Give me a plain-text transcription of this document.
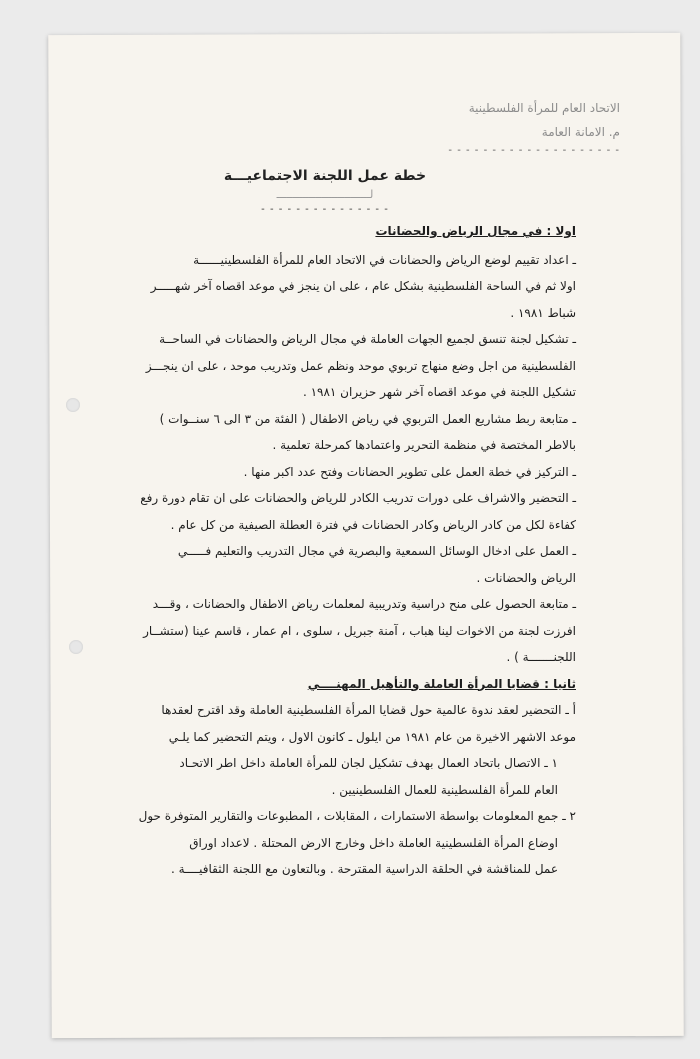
الاتحاد العام للمرأة الفلسطينية
م. الامانة العامة
- - - - - - - - - - - - - - - - - - - -
خطة عمل اللجنة الاجتماعيـــة
لـــــــــــــــــــــــــــــ
- - - - - - - - - - - - - - -

اولا : في مجال الرياض والحضانات

ـ اعداد تقييم لوضع الرياض والحضانات في الاتحاد العام للمرأة الفلسطينيــــــة

اولا ثم في الساحة الفلسطينية بشكل عام ، على ان ينجز في موعد اقصاه آخر شهـــــر

شباط ١٩٨١ .

ـ تشكيل لجنة تنسق لجميع الجهات العاملة في مجال الرياض والحضانات في الساحــة

الفلسطينية من اجل وضع منهاج تربوي موحد ونظم عمل وتدريب موحد ، على ان ينجـــز

تشكيل اللجنة في موعد اقصاه آخر شهر حزيران ١٩٨١ .

ـ متابعة ربط مشاريع العمل التربوي في رياض الاطفال ( الفئة من ٣ الى ٦ سنــوات )

بالاطر المختصة في منظمة التحرير واعتمادها كمرحلة تعلمية .

ـ التركيز في خطة العمل على تطوير الحضانات وفتح عدد اكبر منها .

ـ التحضير والاشراف على دورات تدريب الكادر للرياض والحضانات على ان تقام دورة رفع

كفاءة لكل من كادر الرياض وكادر الحضانات في فترة العطلة الصيفية من كل عام .

ـ العمل على ادخال الوسائل السمعية والبصرية في مجال التدريب والتعليم فـــــي

الرياض والحضانات .

ـ متابعة الحصول على منح دراسية وتدريبية لمعلمات رياض الاطفال والحضانات ، وقـــد

افرزت لجنة من الاخوات لينا هباب ، آمنة جبريل ، سلوى ، ام عمار ، قاسم عينا (ستشــار

اللجنـــــــة ) .

ثانيا : قضايا المرأة العاملة والتأهيل المهنــــي

أ ـ التحضير لعقد ندوة عالمية حول قضايا المرأة الفلسطينية العاملة وقد اقترح لعقدها

موعد الاشهر الاخيرة من عام ١٩٨١ من ايلول ـ كانون الاول ، ويتم التحضير كما يلـي

١ ـ الاتصال باتحاد العمال بهدف تشكيل لجان للمرأة العاملة داخل اطر الاتحـاد

العام للمرأة الفلسطينية للعمال الفلسطينيين .

٢ ـ جمع المعلومات بواسطة الاستمارات ، المقابلات ، المطبوعات والتقارير المتوفرة حول

اوضاع المرأة الفلسطينية العاملة داخل وخارج الارض المحتلة . لاعداد اوراق

عمل للمناقشة في الحلقة الدراسية المقترحة . وبالتعاون مع اللجنة الثقافيــــة .
